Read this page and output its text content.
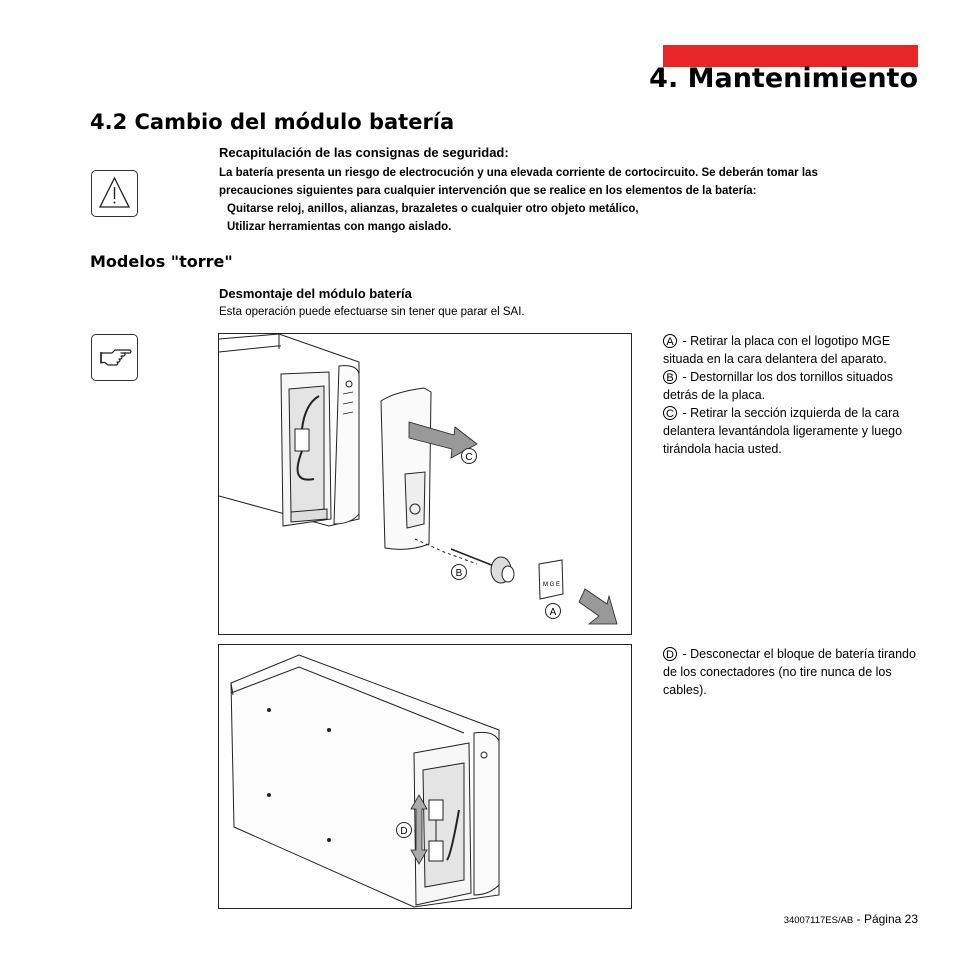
4. Mantenimiento
4.2 Cambio del módulo batería
Recapitulación de las consignas de seguridad:

La batería presenta un riesgo de electrocución y una elevada corriente de cortocircuito. Se deberán tomar las

precauciones siguientes para cualquier intervención que se realice en los elementos de la batería:

Quitarse reloj, anillos, alianzas, brazaletes o cualquier otro objeto metálico,

Utilizar herramientas con mango aislado.

Modelos "torre"
Desmontaje del módulo batería
Esta operación puede efectuarse sin tener que parar el SAI.
M G E
C
B
A
D

A - Retirar la placa con el logotipo MGE situada en la cara delantera del aparato.

B - Destornillar los dos tornillos situados detrás de la placa.

C - Retirar la sección izquierda de la cara delantera levantándola ligeramente y luego tirándola hacia usted.

D - Desconectar el bloque de batería tirando de los conectadores (no tire nunca de los cables).

34007117ES/AB - Página 23
